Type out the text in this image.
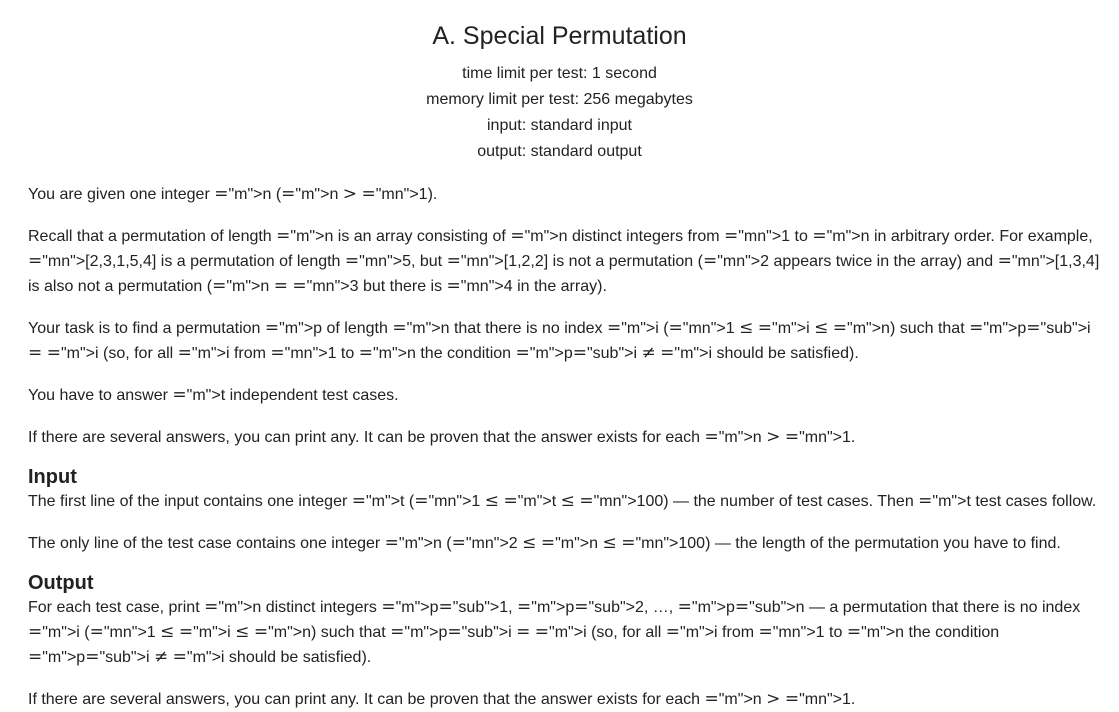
A. Special Permutation
time limit per test: 1 second
memory limit per test: 256 megabytes
input: standard input
output: standard output
You are given one integer ="m">n (="m">n > ="mn">1).
Recall that a permutation of length ="m">n is an array consisting of ="m">n distinct integers from ="mn">1 to ="m">n in arbitrary order. For example, ="mn">[2,3,1,5,4] is a permutation of length ="mn">5, but ="mn">[1,2,2] is not a permutation (="mn">2 appears twice in the array) and ="mn">[1,3,4] is also not a permutation (="m">n = ="mn">3 but there is ="mn">4 in the array).
Your task is to find a permutation ="m">p of length ="m">n that there is no index ="m">i (="mn">1 ≤ ="m">i ≤ ="m">n) such that ="m">p="sub">i = ="m">i (so, for all ="m">i from ="mn">1 to ="m">n the condition ="m">p="sub">i ≠ ="m">i should be satisfied).
You have to answer ="m">t independent test cases.
If there are several answers, you can print any. It can be proven that the answer exists for each ="m">n > ="mn">1.
Input
The first line of the input contains one integer ="m">t (="mn">1 ≤ ="m">t ≤ ="mn">100) — the number of test cases. Then ="m">t test cases follow.
The only line of the test case contains one integer ="m">n (="mn">2 ≤ ="m">n ≤ ="mn">100) — the length of the permutation you have to find.
Output
For each test case, print ="m">n distinct integers ="m">p="sub">1, ="m">p="sub">2, …, ="m">p="sub">n — a permutation that there is no index ="m">i (="mn">1 ≤ ="m">i ≤ ="m">n) such that ="m">p="sub">i = ="m">i (so, for all ="m">i from ="mn">1 to ="m">n the condition ="m">p="sub">i ≠ ="m">i should be satisfied).
If there are several answers, you can print any. It can be proven that the answer exists for each ="m">n > ="mn">1.
